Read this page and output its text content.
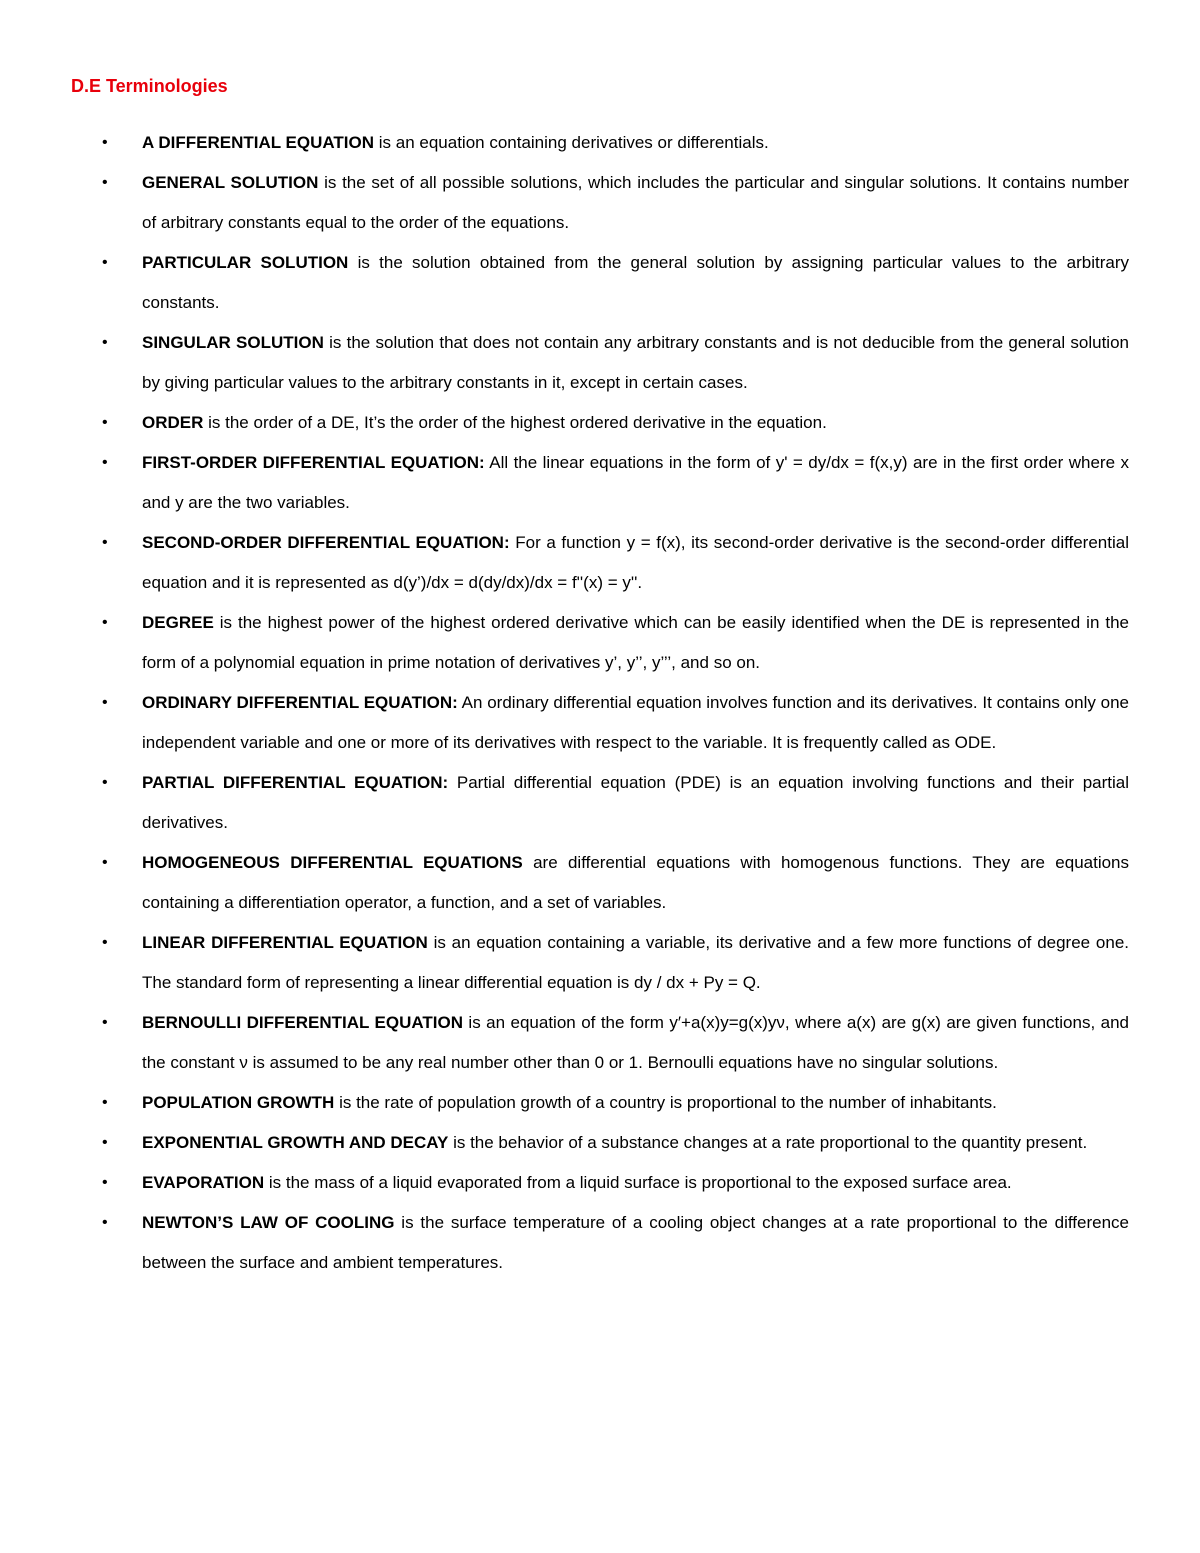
D.E Terminologies
• A DIFFERENTIAL EQUATION is an equation containing derivatives or differentials.
• GENERAL SOLUTION is the set of all possible solutions, which includes the particular and singular solutions. It contains number of arbitrary constants equal to the order of the equations.
• PARTICULAR SOLUTION is the solution obtained from the general solution by assigning particular values to the arbitrary constants.
• SINGULAR SOLUTION is the solution that does not contain any arbitrary constants and is not deducible from the general solution by giving particular values to the arbitrary constants in it, except in certain cases.
• ORDER is the order of a DE, It’s the order of the highest ordered derivative in the equation.
• FIRST-ORDER DIFFERENTIAL EQUATION: All the linear equations in the form of y' = dy/dx = f(x,y) are in the first order where x and y are the two variables.
• SECOND-ORDER DIFFERENTIAL EQUATION: For a function y = f(x), its second-order derivative is the second-order differential equation and it is represented as d(y’)/dx = d(dy/dx)/dx = f''(x) = y''.
• DEGREE is the highest power of the highest ordered derivative which can be easily identified when the DE is represented in the form of a polynomial equation in prime notation of derivatives y’, y’’, y’’’, and so on.
• ORDINARY DIFFERENTIAL EQUATION: An ordinary differential equation involves function and its derivatives. It contains only one independent variable and one or more of its derivatives with respect to the variable. It is frequently called as ODE.
• PARTIAL DIFFERENTIAL EQUATION: Partial differential equation (PDE) is an equation involving functions and their partial derivatives.
• HOMOGENEOUS DIFFERENTIAL EQUATIONS are differential equations with homogenous functions. They are equations containing a differentiation operator, a function, and a set of variables.
• LINEAR DIFFERENTIAL EQUATION is an equation containing a variable, its derivative and a few more functions of degree one. The standard form of representing a linear differential equation is dy / dx + Py = Q.
• BERNOULLI DIFFERENTIAL EQUATION is an equation of the form y′+a(x)y=g(x)yν, where a(x) are g(x) are given functions, and the constant ν is assumed to be any real number other than 0 or 1. Bernoulli equations have no singular solutions.
• POPULATION GROWTH is the rate of population growth of a country is proportional to the number of inhabitants.
• EXPONENTIAL GROWTH AND DECAY is the behavior of a substance changes at a rate proportional to the quantity present.
• EVAPORATION is the mass of a liquid evaporated from a liquid surface is proportional to the exposed surface area.
• NEWTON’S LAW OF COOLING is the surface temperature of a cooling object changes at a rate proportional to the difference between the surface and ambient temperatures.
